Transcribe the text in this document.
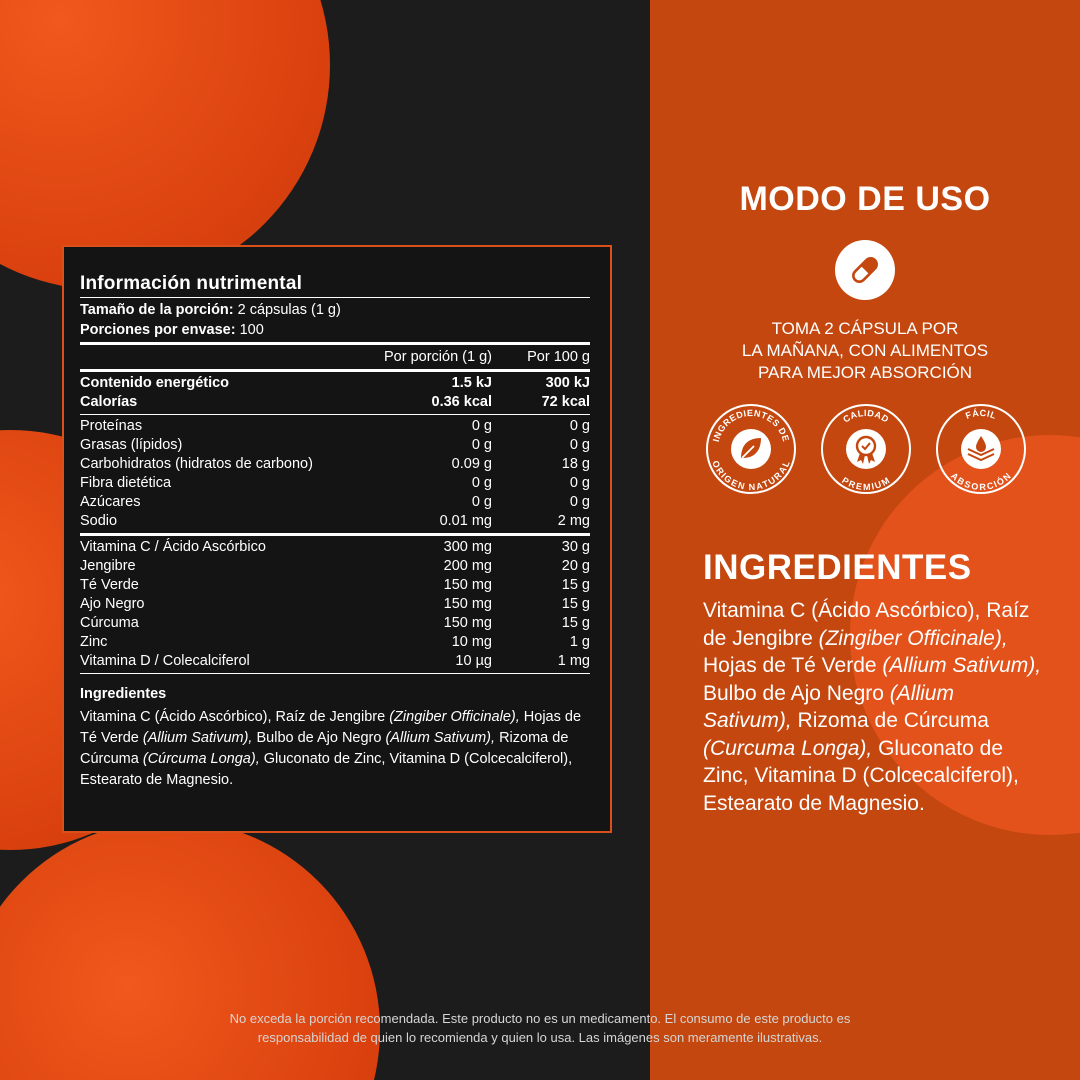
Información nutrimental
Tamaño de la porción: 2 cápsulas (1 g)
Porciones por envase: 100
Por porción (1 g)	Por 100 g
Contenido energético	1.5 kJ	300 kJ
Calorías	0.36 kcal	72 kcal
Proteínas	0 g	0 g
Grasas (lípidos)	0 g	0 g
Carbohidratos (hidratos de carbono)	0.09 g	18 g
Fibra dietética	0 g	0 g
Azúcares	0 g	0 g
Sodio	0.01 mg	2 mg
Vitamina C / Ácido Ascórbico	300 mg	30 g
Jengibre	200 mg	20 g
Té Verde	150 mg	15 g
Ajo Negro	150 mg	15 g
Cúrcuma	150 mg	15 g
Zinc	10 mg	1 g
Vitamina D / Colecalciferol	10 µg	1 mg
Ingredientes
Vitamina C (Ácido Ascórbico), Raíz de Jengibre (Zingiber Officinale), Hojas de Té Verde (Allium Sativum), Bulbo de Ajo Negro (Allium Sativum), Rizoma de Cúrcuma (Cúrcuma Longa), Gluconato de Zinc, Vitamina D (Colcecalciferol), Estearato de Magnesio.
MODO DE USO
TOMA 2 CÁPSULA POR
LA MAÑANA, CON ALIMENTOS
PARA MEJOR ABSORCIÓN
INGREDIENTES DE
ORIGEN NATURAL
CALIDAD
PREMIUM
FÁCIL
ABSORCIÓN
INGREDIENTES
Vitamina C (Ácido Ascórbico), Raíz de Jengibre (Zingiber Officinale), Hojas de Té Verde (Allium Sativum), Bulbo de Ajo Negro (Allium Sativum), Rizoma de Cúrcuma (Curcuma Longa), Gluconato de Zinc, Vitamina D (Colcecalciferol), Estearato de Magnesio.
No exceda la porción recomendada. Este producto no es un medicamento. El consumo de este producto es
responsabilidad de quien lo recomienda y quien lo usa. Las imágenes son meramente ilustrativas.
